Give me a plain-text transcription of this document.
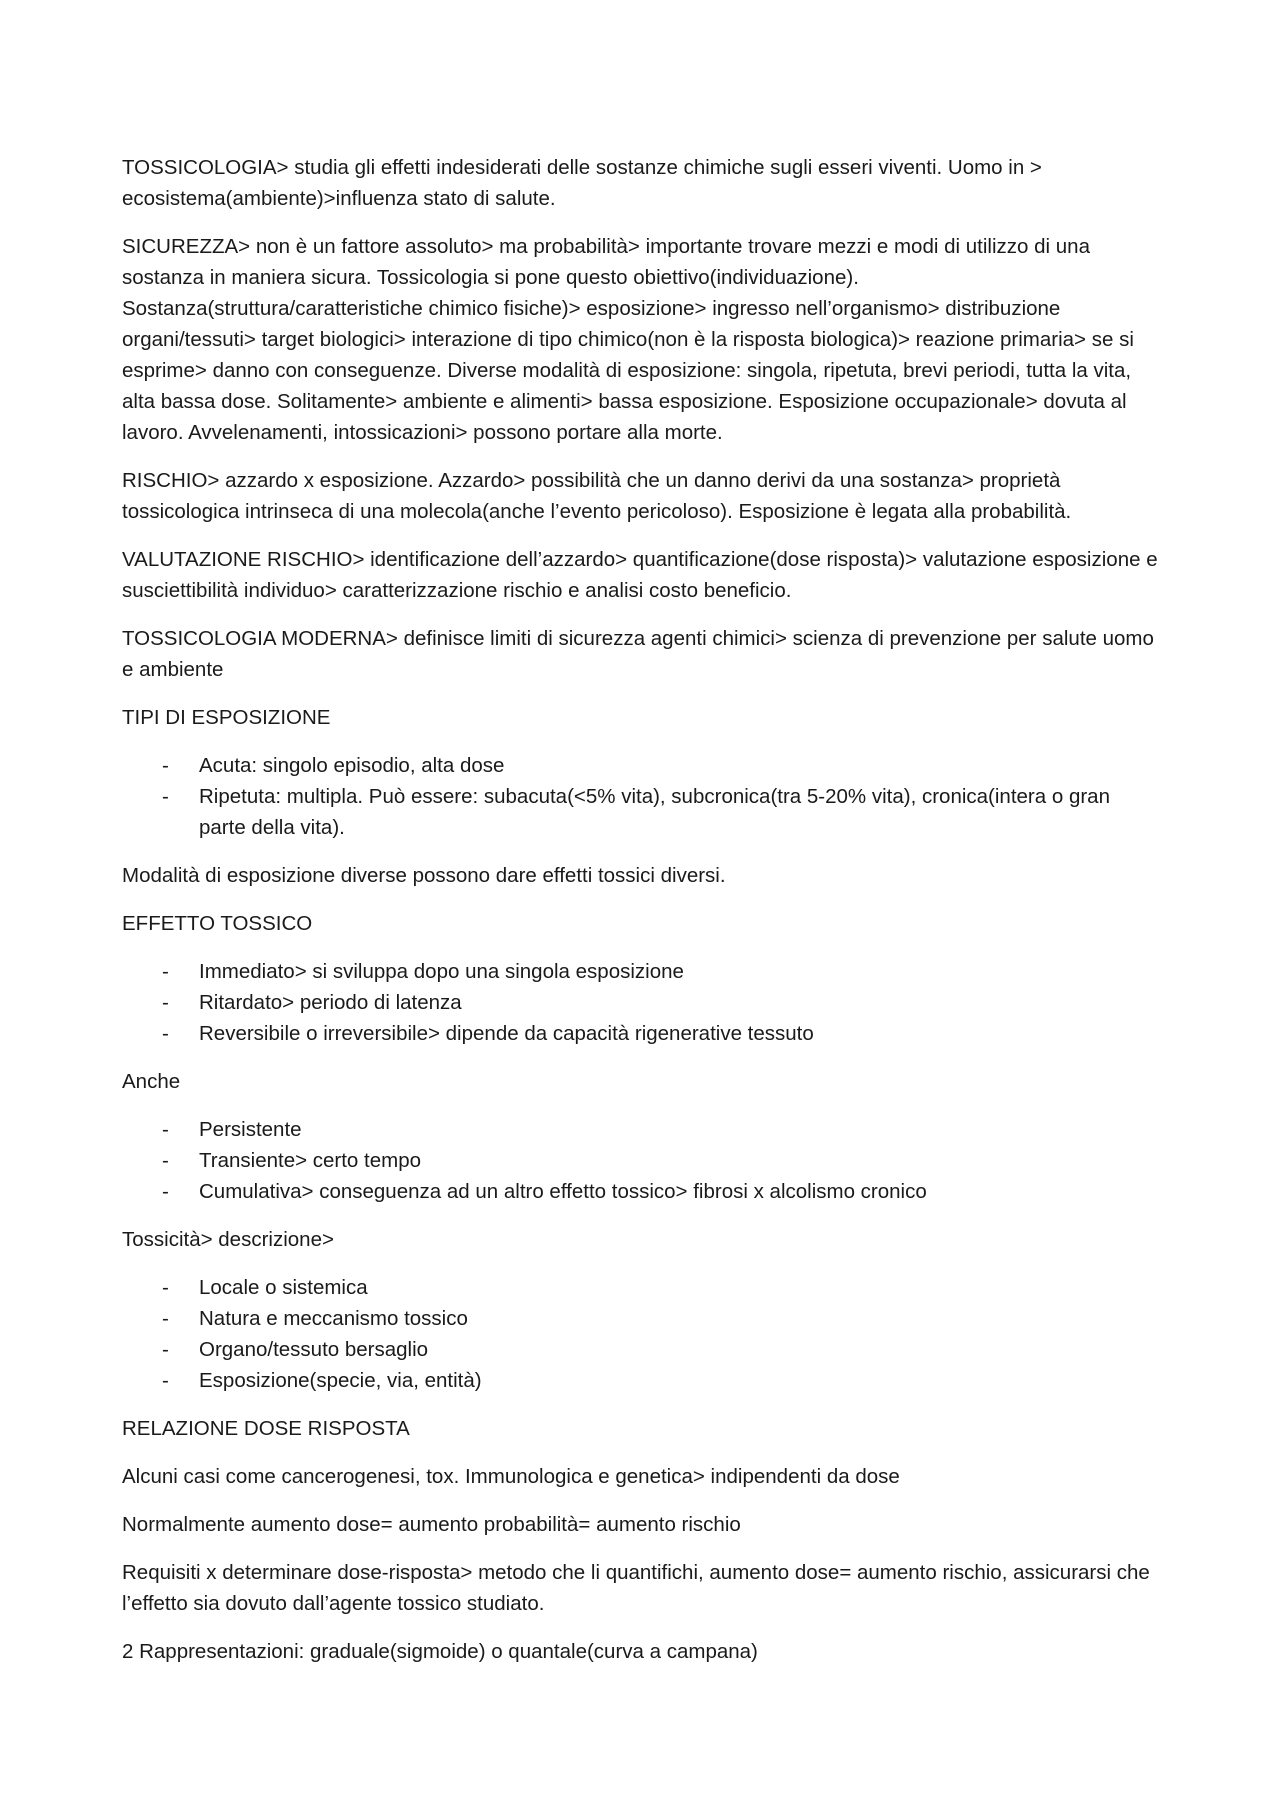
TOSSICOLOGIA> studia gli effetti indesiderati delle sostanze chimiche sugli esseri viventi. Uomo in > ecosistema(ambiente)>influenza stato di salute.

SICUREZZA> non è un fattore assoluto> ma probabilità> importante trovare mezzi e modi di utilizzo di una sostanza in maniera sicura. Tossicologia si pone questo obiettivo(individuazione). Sostanza(struttura/caratteristiche chimico fisiche)> esposizione> ingresso nell’organismo> distribuzione organi/tessuti> target biologici> interazione di tipo chimico(non è la risposta biologica)> reazione primaria> se si esprime> danno con conseguenze. Diverse modalità di esposizione: singola, ripetuta, brevi periodi, tutta la vita, alta bassa dose. Solitamente> ambiente e alimenti> bassa esposizione. Esposizione occupazionale> dovuta al lavoro. Avvelenamenti, intossicazioni> possono portare alla morte.

RISCHIO> azzardo x esposizione. Azzardo> possibilità che un danno derivi da una sostanza> proprietà tossicologica intrinseca di una molecola(anche l’evento pericoloso). Esposizione è legata alla probabilità.

VALUTAZIONE RISCHIO> identificazione dell’azzardo> quantificazione(dose risposta)> valutazione esposizione e susciettibilità individuo> caratterizzazione rischio e analisi costo beneficio.

TOSSICOLOGIA MODERNA> definisce limiti di sicurezza agenti chimici> scienza di prevenzione per salute uomo e ambiente

TIPI DI ESPOSIZIONE

- Acuta: singolo episodio, alta dose
- Ripetuta: multipla. Può essere: subacuta(<5% vita), subcronica(tra 5-20% vita), cronica(intera o gran parte della vita).

Modalità di esposizione diverse possono dare effetti tossici diversi.

EFFETTO TOSSICO

- Immediato> si sviluppa dopo una singola esposizione
- Ritardato> periodo di latenza
- Reversibile o irreversibile> dipende da capacità rigenerative tessuto

Anche

- Persistente
- Transiente> certo tempo
- Cumulativa> conseguenza ad un altro effetto tossico> fibrosi x alcolismo cronico

Tossicità> descrizione>

- Locale o sistemica
- Natura e meccanismo tossico
- Organo/tessuto bersaglio
- Esposizione(specie, via, entità)

RELAZIONE DOSE RISPOSTA

Alcuni casi come cancerogenesi, tox. Immunologica e genetica> indipendenti da dose

Normalmente aumento dose= aumento probabilità= aumento rischio

Requisiti x determinare dose-risposta> metodo che li quantifichi, aumento dose= aumento rischio, assicurarsi che l’effetto sia dovuto dall’agente tossico studiato.

2 Rappresentazioni: graduale(sigmoide) o quantale(curva a campana)
